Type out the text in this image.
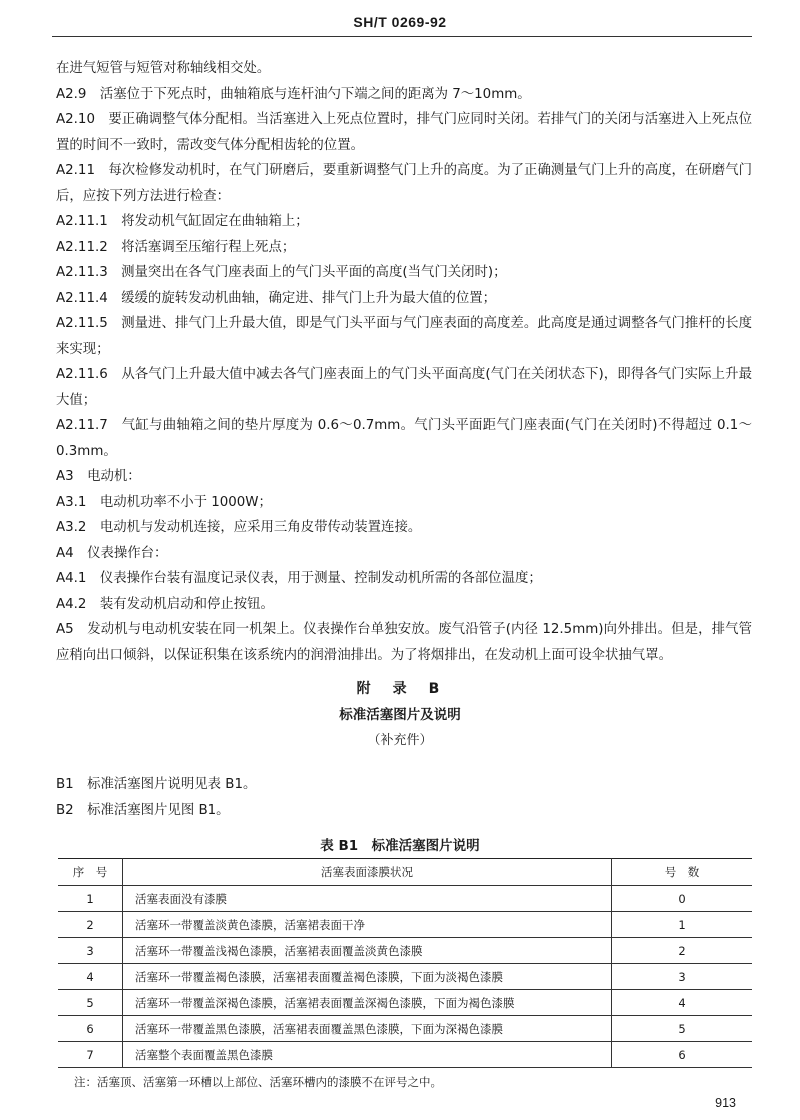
SH/T 0269-92

在进气短管与短管对称轴线相交处。

A2.9　活塞位于下死点时，曲轴箱底与连杆油勺下端之间的距离为 7～10mm。

A2.10　要正确调整气体分配相。当活塞进入上死点位置时，排气门应同时关闭。若排气门的关闭与活塞进入上死点位置的时间不一致时，需改变气体分配相齿轮的位置。

A2.11　每次检修发动机时，在气门研磨后，要重新调整气门上升的高度。为了正确测量气门上升的高度，在研磨气门后，应按下列方法进行检查：

A2.11.1　将发动机气缸固定在曲轴箱上；

A2.11.2　将活塞调至压缩行程上死点；

A2.11.3　测量突出在各气门座表面上的气门头平面的高度(当气门关闭时)；

A2.11.4　缓缓的旋转发动机曲轴，确定进、排气门上升为最大值的位置；

A2.11.5　测量进、排气门上升最大值，即是气门头平面与气门座表面的高度差。此高度是通过调整各气门推杆的长度来实现；

A2.11.6　从各气门上升最大值中减去各气门座表面上的气门头平面高度(气门在关闭状态下)，即得各气门实际上升最大值；

A2.11.7　气缸与曲轴箱之间的垫片厚度为 0.6～0.7mm。气门头平面距气门座表面(气门在关闭时)不得超过 0.1～0.3mm。

A3　电动机：

A3.1　电动机功率不小于 1000W；

A3.2　电动机与发动机连接，应采用三角皮带传动装置连接。

A4　仪表操作台：

A4.1　仪表操作台装有温度记录仪表，用于测量、控制发动机所需的各部位温度；

A4.2　装有发动机启动和停止按钮。

A5　发动机与电动机安装在同一机架上。仪表操作台单独安放。废气沿管子(内径 12.5mm)向外排出。但是，排气管应稍向出口倾斜，以保证积集在该系统内的润滑油排出。为了将烟排出，在发动机上面可设伞状抽气罩。

附　录　B
标准活塞图片及说明
（补充件）

B1　标准活塞图片说明见表 B1。

B2　标准活塞图片见图 B1。

表 B1　标准活塞图片说明
序　号	活塞表面漆膜状况	号　数
1	活塞表面没有漆膜	0
2	活塞环一带覆盖淡黄色漆膜，活塞裙表面干净	1
3	活塞环一带覆盖浅褐色漆膜，活塞裙表面覆盖淡黄色漆膜	2
4	活塞环一带覆盖褐色漆膜，活塞裙表面覆盖褐色漆膜，下面为淡褐色漆膜	3
5	活塞环一带覆盖深褐色漆膜，活塞裙表面覆盖深褐色漆膜，下面为褐色漆膜	4
6	活塞环一带覆盖黑色漆膜，活塞裙表面覆盖黑色漆膜，下面为深褐色漆膜	5
7	活塞整个表面覆盖黑色漆膜	6
注：活塞顶、活塞第一环槽以上部位、活塞环槽内的漆膜不在评号之中。
913
